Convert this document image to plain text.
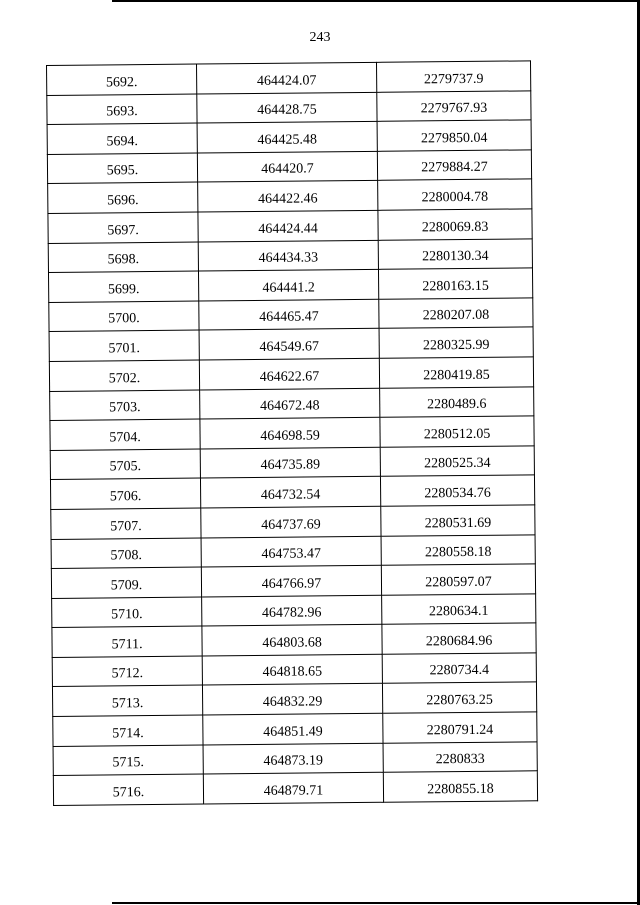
243
5692.	464424.07	2279737.9
5693.	464428.75	2279767.93
5694.	464425.48	2279850.04
5695.	464420.7	2279884.27
5696.	464422.46	2280004.78
5697.	464424.44	2280069.83
5698.	464434.33	2280130.34
5699.	464441.2	2280163.15
5700.	464465.47	2280207.08
5701.	464549.67	2280325.99
5702.	464622.67	2280419.85
5703.	464672.48	2280489.6
5704.	464698.59	2280512.05
5705.	464735.89	2280525.34
5706.	464732.54	2280534.76
5707.	464737.69	2280531.69
5708.	464753.47	2280558.18
5709.	464766.97	2280597.07
5710.	464782.96	2280634.1
5711.	464803.68	2280684.96
5712.	464818.65	2280734.4
5713.	464832.29	2280763.25
5714.	464851.49	2280791.24
5715.	464873.19	2280833
5716.	464879.71	2280855.18
